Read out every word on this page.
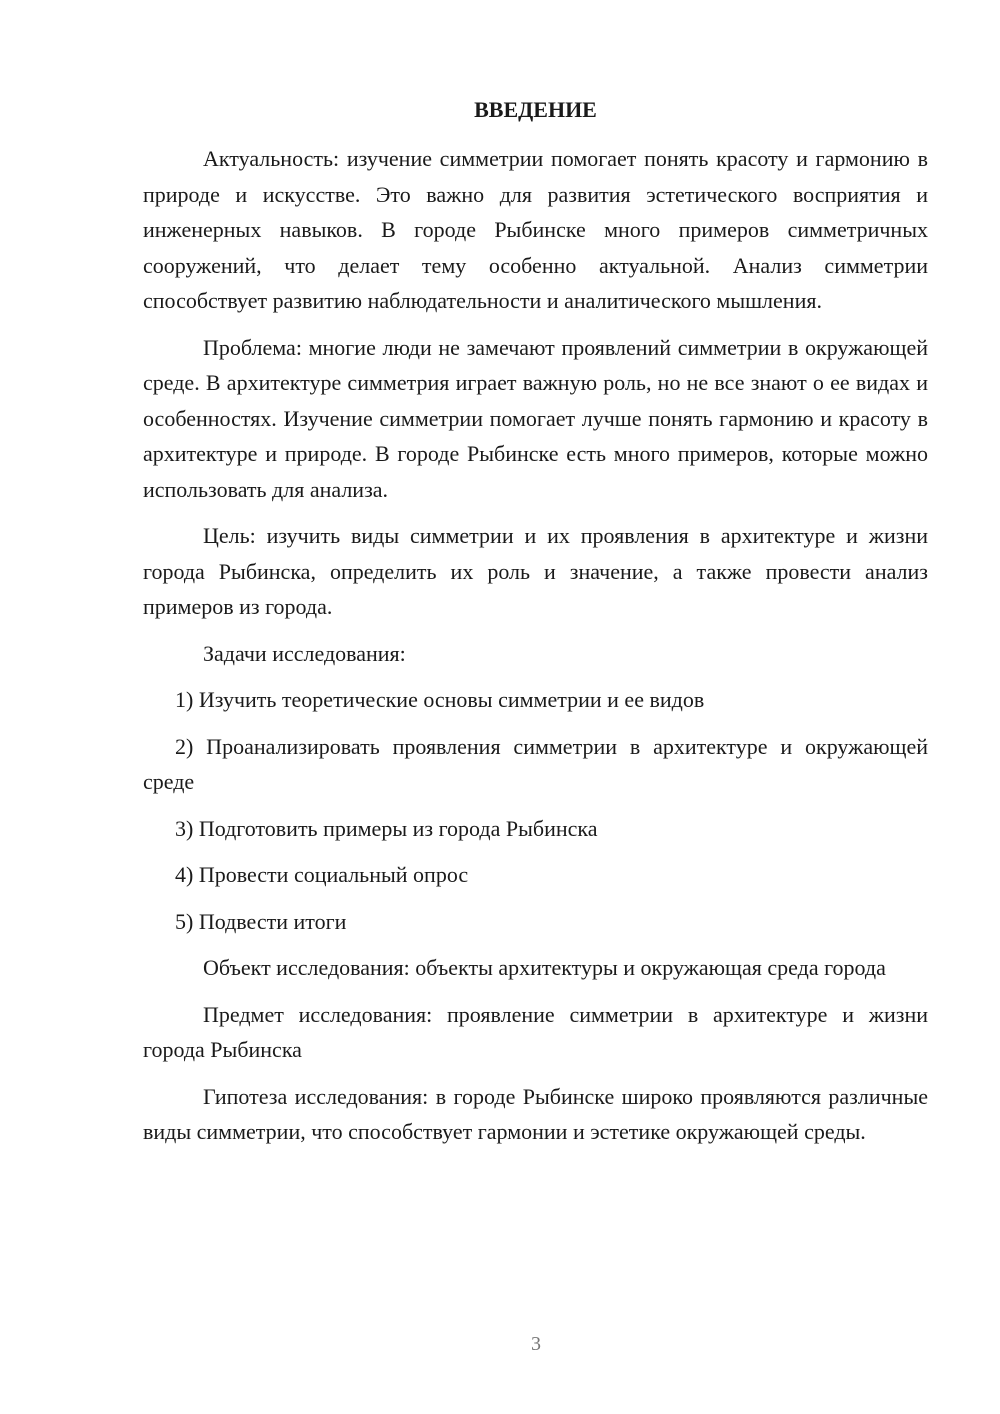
ВВЕДЕНИЕ

Актуальность: изучение симметрии помогает понять красоту и гармонию в природе и искусстве. Это важно для развития эстетического восприятия и инженерных навыков. В городе Рыбинске много примеров симметричных сооружений, что делает тему особенно актуальной. Анализ симметрии способствует развитию наблюдательности и аналитического мышления.

Проблема: многие люди не замечают проявлений симметрии в окружающей среде. В архитектуре симметрия играет важную роль, но не все знают о ее видах и особенностях. Изучение симметрии помогает лучше понять гармонию и красоту в архитектуре и природе. В городе Рыбинске есть много примеров, которые можно использовать для анализа.

Цель: изучить виды симметрии и их проявления в архитектуре и жизни города Рыбинска, определить их роль и значение, а также провести анализ примеров из города.

Задачи исследования:

1) Изучить теоретические основы симметрии и ее видов

2) Проанализировать проявления симметрии в архитектуре и окружающей среде

3) Подготовить примеры из города Рыбинска

4) Провести социальный опрос

5) Подвести итоги

Объект исследования: объекты архитектуры и окружающая среда города

Предмет исследования: проявление симметрии в архитектуре и жизни города Рыбинска

Гипотеза исследования: в городе Рыбинске широко проявляются различные виды симметрии, что способствует гармонии и эстетике окружающей среды.

3
